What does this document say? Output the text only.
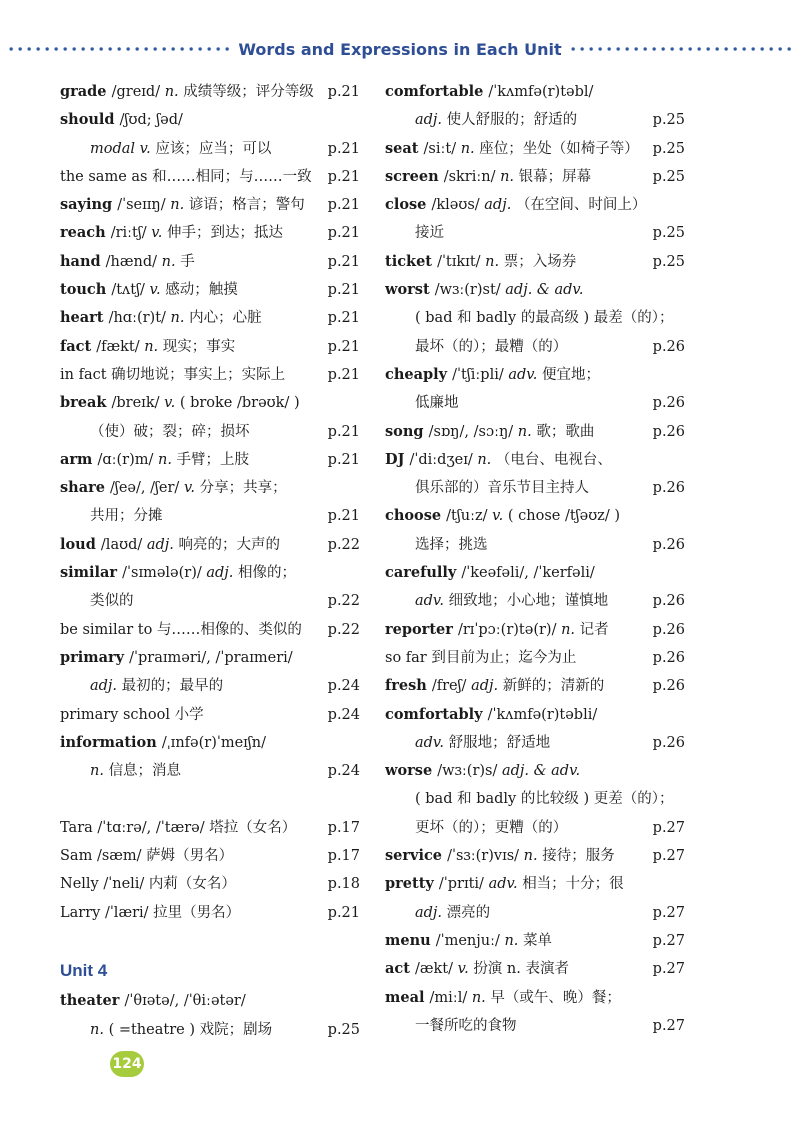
Words and Expressions in Each Unit
grade /greɪd/ n. 成绩等级；评分等级 p.21
should /ʃʊd; ʃəd/
modal v. 应该；应当；可以	p.21
the same as 和……相同；与……一致	p.21
saying /ˈseɪɪŋ/ n. 谚语；格言；警句	p.21
reach /riːtʃ/ v. 伸手；到达；抵达	p.21
hand /hænd/ n. 手	p.21
touch /tʌtʃ/ v. 感动；触摸	p.21
heart /hɑː(r)t/ n. 内心；心脏	p.21
fact /fækt/ n. 现实；事实	p.21
in fact 确切地说；事实上；实际上	p.21
break /breɪk/ v. ( broke /brəʊk/ )
（使）破；裂；碎；损坏	p.21
arm /ɑː(r)m/ n. 手臂；上肢	p.21
share /ʃeə/, /ʃer/ v. 分享；共享；
共用；分摊	p.21
loud /laʊd/ adj. 响亮的；大声的	p.22
similar /ˈsɪmələ(r)/ adj. 相像的；
类似的	p.22
be similar to 与……相像的、类似的	p.22
primary /ˈpraɪməri/, /ˈpraɪmeri/
adj. 最初的；最早的	p.24
primary school 小学	p.24
information /ˌɪnfə(r)ˈmeɪʃn/
n. 信息；消息	p.24
Tara /ˈtɑːrə/, /ˈtærə/ 塔拉（女名）	p.17
Sam /sæm/ 萨姆（男名）	p.17
Nelly /ˈneli/ 内莉（女名）	p.18
Larry /ˈlæri/ 拉里（男名）	p.21
Unit 4
theater /ˈθɪətə/, /ˈθiːətər/
n. ( =theatre ) 戏院；剧场	p.25
comfortable /ˈkʌmfə(r)təbl/
adj. 使人舒服的；舒适的	p.25
seat /siːt/ n. 座位；坐处（如椅子等） p.25
screen /skriːn/ n. 银幕；屏幕	p.25
close /kləʊs/ adj. （在空间、时间上）
接近	p.25
ticket /ˈtɪkɪt/ n. 票；入场券	p.25
worst /wɜː(r)st/ adj. & adv.
( bad 和 badly 的最高级 ) 最差（的）；
最坏（的）；最糟（的）	p.26
cheaply /ˈtʃiːpli/ adv. 便宜地；
低廉地	p.26
song /sɒŋ/, /sɔːŋ/ n. 歌；歌曲	p.26
DJ /ˈdiːdʒeɪ/ n. （电台、电视台、
俱乐部的）音乐节目主持人	p.26
choose /tʃuːz/ v. ( chose /tʃəʊz/ )
选择；挑选	p.26
carefully /ˈkeəfəli/, /ˈkerfəli/
adv. 细致地；小心地；谨慎地	p.26
reporter /rɪˈpɔː(r)tə(r)/ n. 记者	p.26
so far 到目前为止；迄今为止	p.26
fresh /freʃ/ adj. 新鲜的；清新的	p.26
comfortably /ˈkʌmfə(r)təbli/
adv. 舒服地；舒适地	p.26
worse /wɜː(r)s/ adj. & adv.
( bad 和 badly 的比较级 ) 更差（的）；
更坏（的）；更糟（的）	p.27
service /ˈsɜː(r)vɪs/ n. 接待；服务	p.27
pretty /ˈprɪti/ adv. 相当；十分；很
adj. 漂亮的	p.27
menu /ˈmenjuː/ n. 菜单	p.27
act /ækt/ v. 扮演 n. 表演者	p.27
meal /miːl/ n. 早（或午、晚）餐；
一餐所吃的食物	p.27
124
